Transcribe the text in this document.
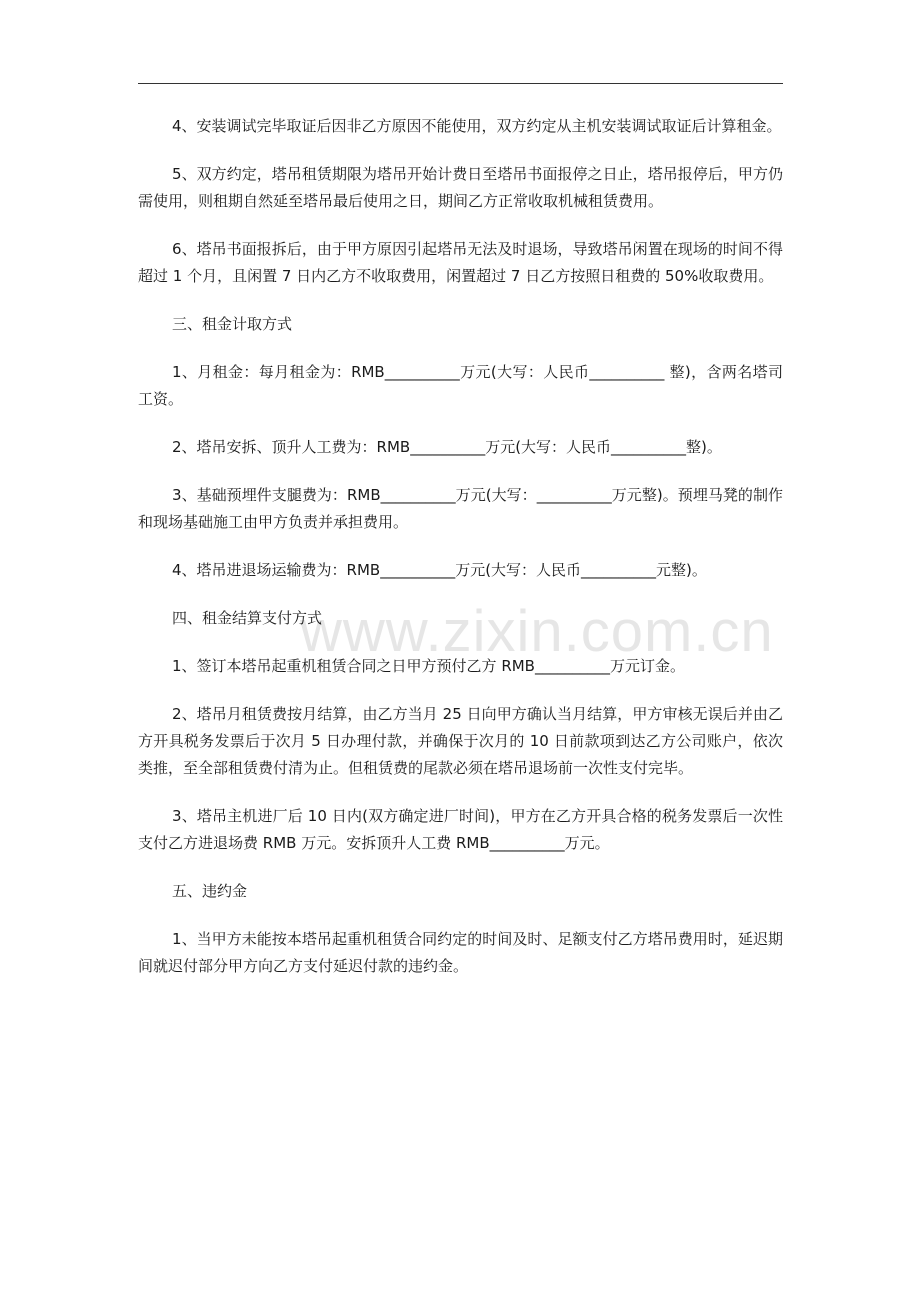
www.zixin.com.cn

4、安装调试完毕取证后因非乙方原因不能使用，双方约定从主机安装调试取证后计算租金。

5、双方约定，塔吊租赁期限为塔吊开始计费日至塔吊书面报停之日止，塔吊报停后，甲方仍需使用，则租期自然延至塔吊最后使用之日，期间乙方正常收取机械租赁费用。

6、塔吊书面报拆后，由于甲方原因引起塔吊无法及时退场，导致塔吊闲置在现场的时间不得超过 1 个月，且闲置 7 日内乙方不收取费用，闲置超过 7 日乙方按照日租费的 50%收取费用。

三、租金计取方式

1、月租金：每月租金为：RMB__________万元(大写：人民币__________ 整)，含两名塔司工资。

2、塔吊安拆、顶升人工费为：RMB__________万元(大写：人民币__________整)。

3、基础预埋件支腿费为：RMB__________万元(大写：__________万元整)。预埋马凳的制作和现场基础施工由甲方负责并承担费用。

4、塔吊进退场运输费为：RMB__________万元(大写：人民币__________元整)。

四、租金结算支付方式

1、签订本塔吊起重机租赁合同之日甲方预付乙方 RMB__________万元订金。

2、塔吊月租赁费按月结算，由乙方当月 25 日向甲方确认当月结算，甲方审核无误后并由乙方开具税务发票后于次月 5 日办理付款，并确保于次月的 10 日前款项到达乙方公司账户，依次类推，至全部租赁费付清为止。但租赁费的尾款必须在塔吊退场前一次性支付完毕。

3、塔吊主机进厂后 10 日内(双方确定进厂时间)，甲方在乙方开具合格的税务发票后一次性支付乙方进退场费 RMB 万元。安拆顶升人工费 RMB__________万元。

五、违约金

1、当甲方未能按本塔吊起重机租赁合同约定的时间及时、足额支付乙方塔吊费用时，延迟期间就迟付部分甲方向乙方支付延迟付款的违约金。
